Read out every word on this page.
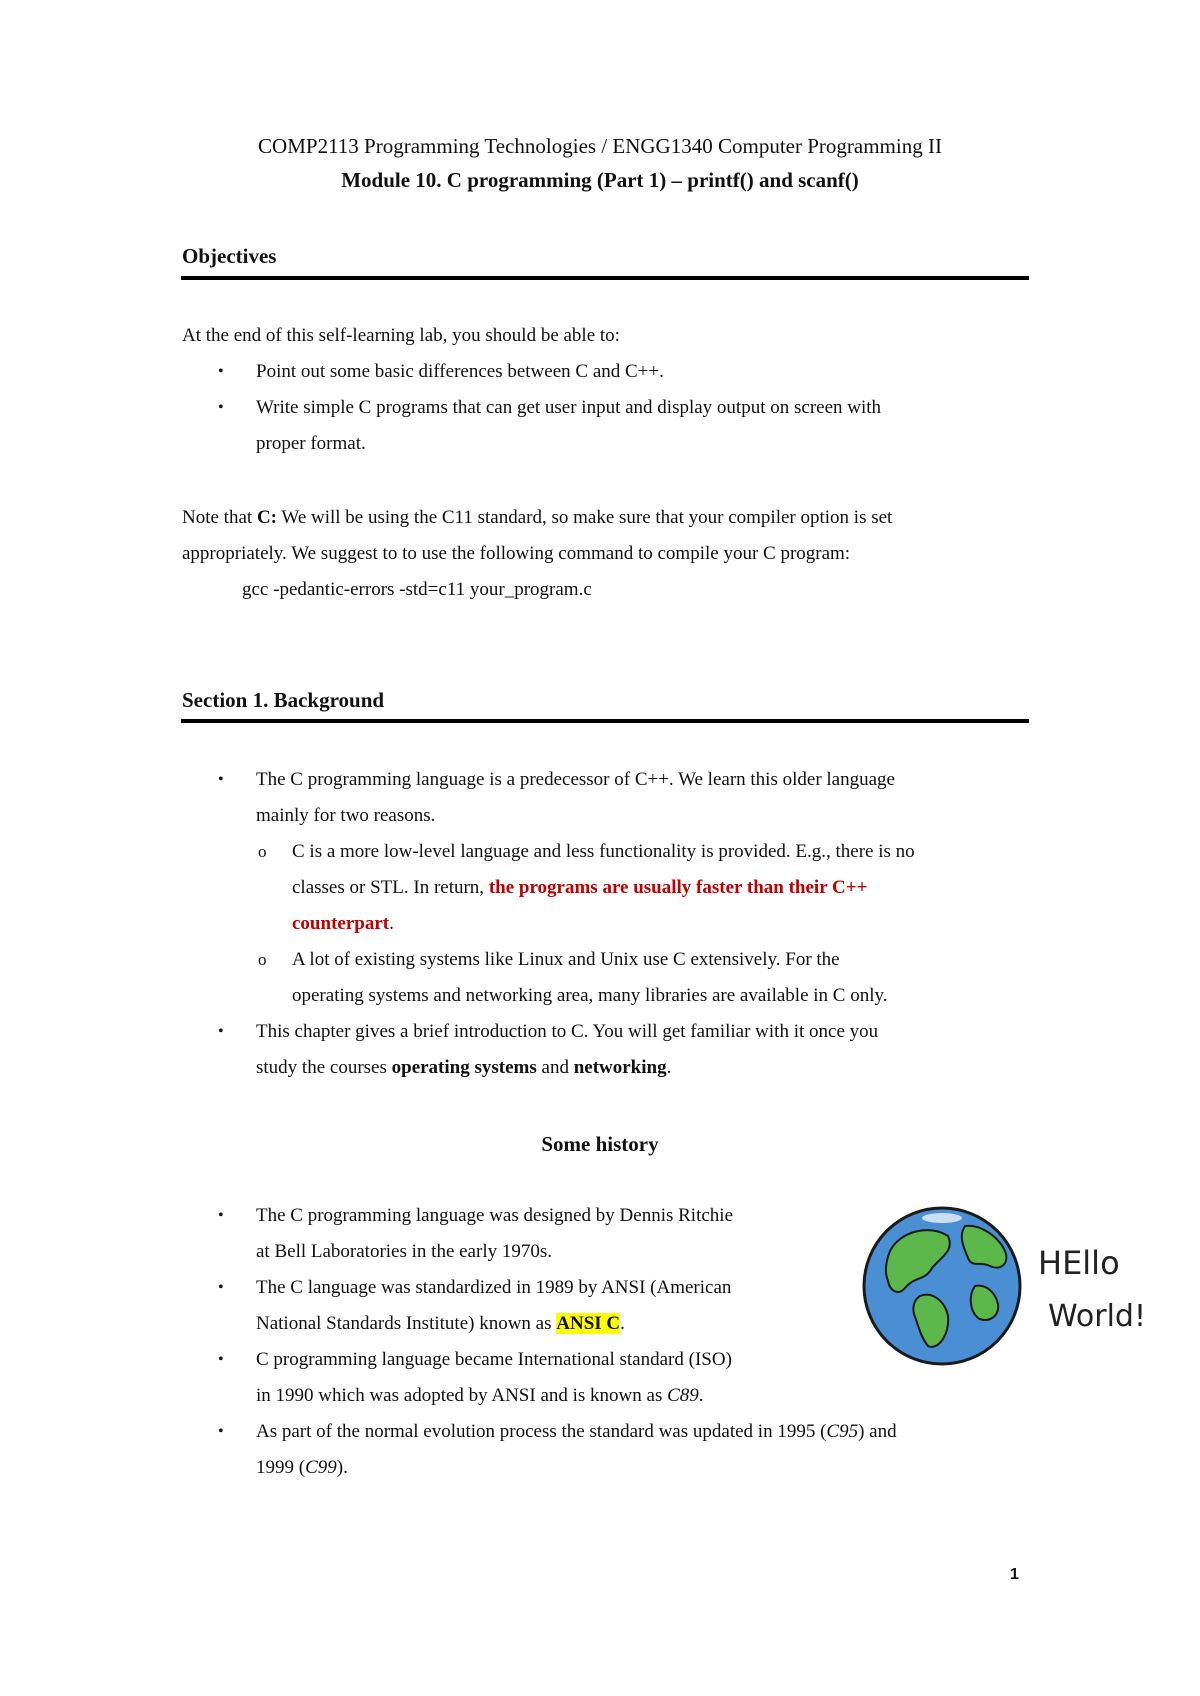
COMP2113 Programming Technologies / ENGG1340 Computer Programming II
Module 10. C programming (Part 1) – printf() and scanf()
Objectives
At the end of this self-learning lab, you should be able to:
• Point out some basic differences between C and C++.
• Write simple C programs that can get user input and display output on screen with
proper format.
Note that C: We will be using the C11 standard, so make sure that your compiler option is set
appropriately. We suggest to to use the following command to compile your C program:
gcc -pedantic-errors -std=c11 your_program.c
Section 1. Background
• The C programming language is a predecessor of C++. We learn this older language
mainly for two reasons.
o C is a more low-level language and less functionality is provided. E.g., there is no
classes or STL. In return, the programs are usually faster than their C++
counterpart.
o A lot of existing systems like Linux and Unix use C extensively. For the
operating systems and networking area, many libraries are available in C only.
• This chapter gives a brief introduction to C. You will get familiar with it once you
study the courses operating systems and networking.
Some history
• The C programming language was designed by Dennis Ritchie
at Bell Laboratories in the early 1970s.
• The C language was standardized in 1989 by ANSI (American
National Standards Institute) known as ANSI C.
• C programming language became International standard (ISO)
in 1990 which was adopted by ANSI and is known as C89.
• As part of the normal evolution process the standard was updated in 1995 (C95) and
1999 (C99).
HEllo
World!
1
